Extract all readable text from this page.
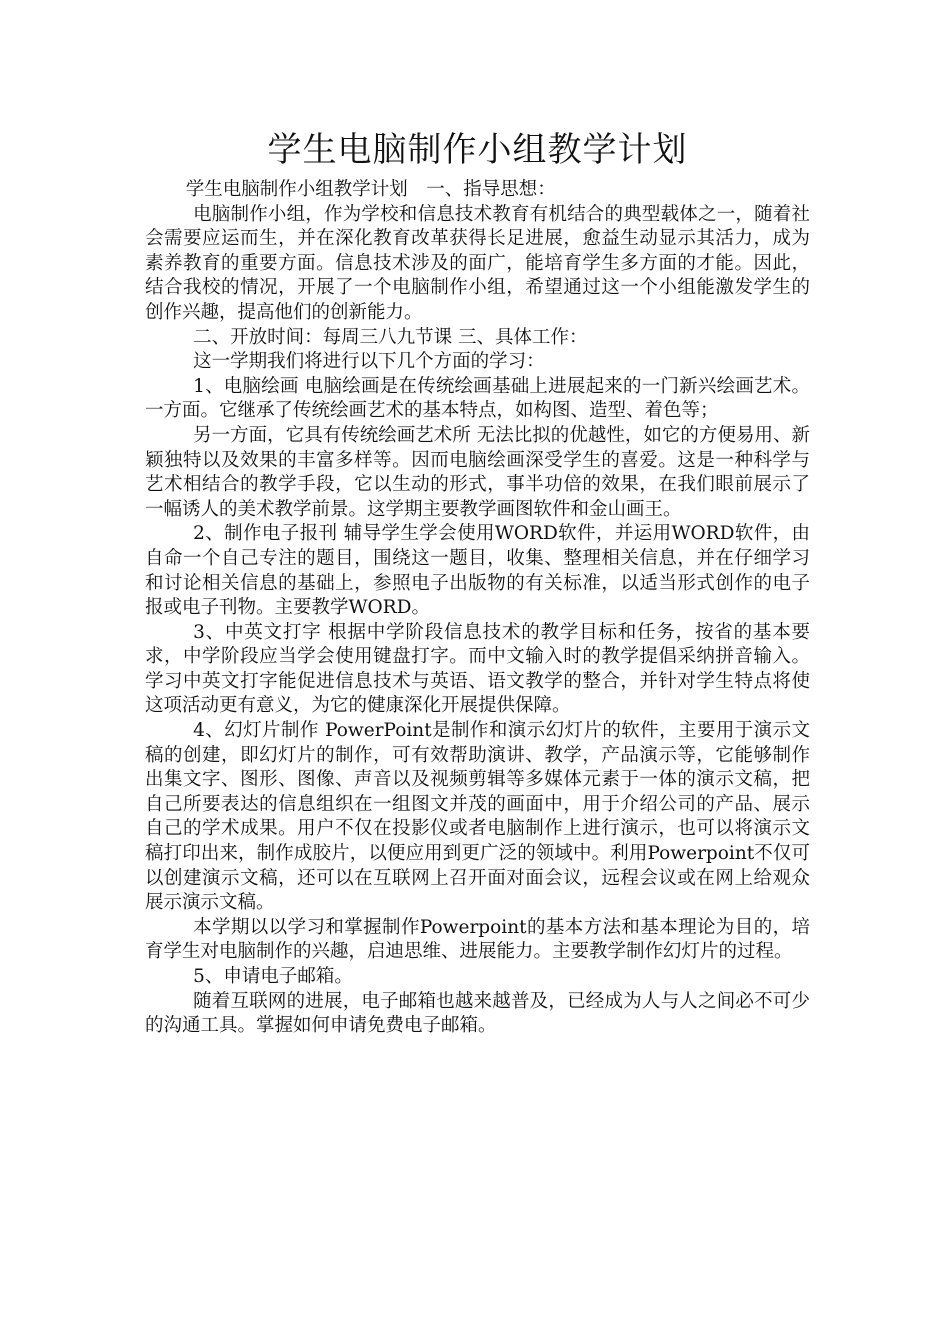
学生电脑制作小组教学计划

学生电脑制作小组教学计划　一、指导思想：

电脑制作小组，作为学校和信息技术教育有机结合的典型载体之一，随着社会需要应运而生，并在深化教育改革获得长足进展，愈益生动显示其活力，成为素养教育的重要方面。信息技术涉及的面广，能培育学生多方面的才能。因此，结合我校的情况，开展了一个电脑制作小组，希望通过这一个小组能激发学生的创作兴趣，提高他们的创新能力。

二、开放时间：每周三八九节课 三、具体工作：

这一学期我们将进行以下几个方面的学习：

1、电脑绘画 电脑绘画是在传统绘画基础上进展起来的一门新兴绘画艺术。一方面。它继承了传统绘画艺术的基本特点，如构图、造型、着色等；

另一方面，它具有传统绘画艺术所 无法比拟的优越性，如它的方便易用、新颖独特以及效果的丰富多样等。因而电脑绘画深受学生的喜爱。这是一种科学与艺术相结合的教学手段，它以生动的形式，事半功倍的效果，在我们眼前展示了一幅诱人的美术教学前景。这学期主要教学画图软件和金山画王。

2、制作电子报刊 辅导学生学会使用WORD软件，并运用WORD软件，由自命一个自己专注的题目，围绕这一题目，收集、整理相关信息，并在仔细学习和讨论相关信息的基础上，参照电子出版物的有关标准，以适当形式创作的电子报或电子刊物。主要教学WORD。

3、中英文打字 根据中学阶段信息技术的教学目标和任务，按省的基本要求，中学阶段应当学会使用键盘打字。而中文输入时的教学提倡采纳拼音输入。学习中英文打字能促进信息技术与英语、语文教学的整合，并针对学生特点将使这项活动更有意义，为它的健康深化开展提供保障。

4、幻灯片制作 PowerPoint是制作和演示幻灯片的软件，主要用于演示文稿的创建，即幻灯片的制作，可有效帮助演讲、教学，产品演示等，它能够制作出集文字、图形、图像、声音以及视频剪辑等多媒体元素于一体的演示文稿，把自己所要表达的信息组织在一组图文并茂的画面中，用于介绍公司的产品、展示自己的学术成果。用户不仅在投影仪或者电脑制作上进行演示，也可以将演示文稿打印出来，制作成胶片，以便应用到更广泛的领域中。利用Powerpoint不仅可以创建演示文稿，还可以在互联网上召开面对面会议，远程会议或在网上给观众展示演示文稿。

本学期以以学习和掌握制作Powerpoint的基本方法和基本理论为目的，培育学生对电脑制作的兴趣，启迪思维、进展能力。主要教学制作幻灯片的过程。

5、申请电子邮箱。

随着互联网的进展，电子邮箱也越来越普及，已经成为人与人之间必不可少的沟通工具。掌握如何申请免费电子邮箱。
